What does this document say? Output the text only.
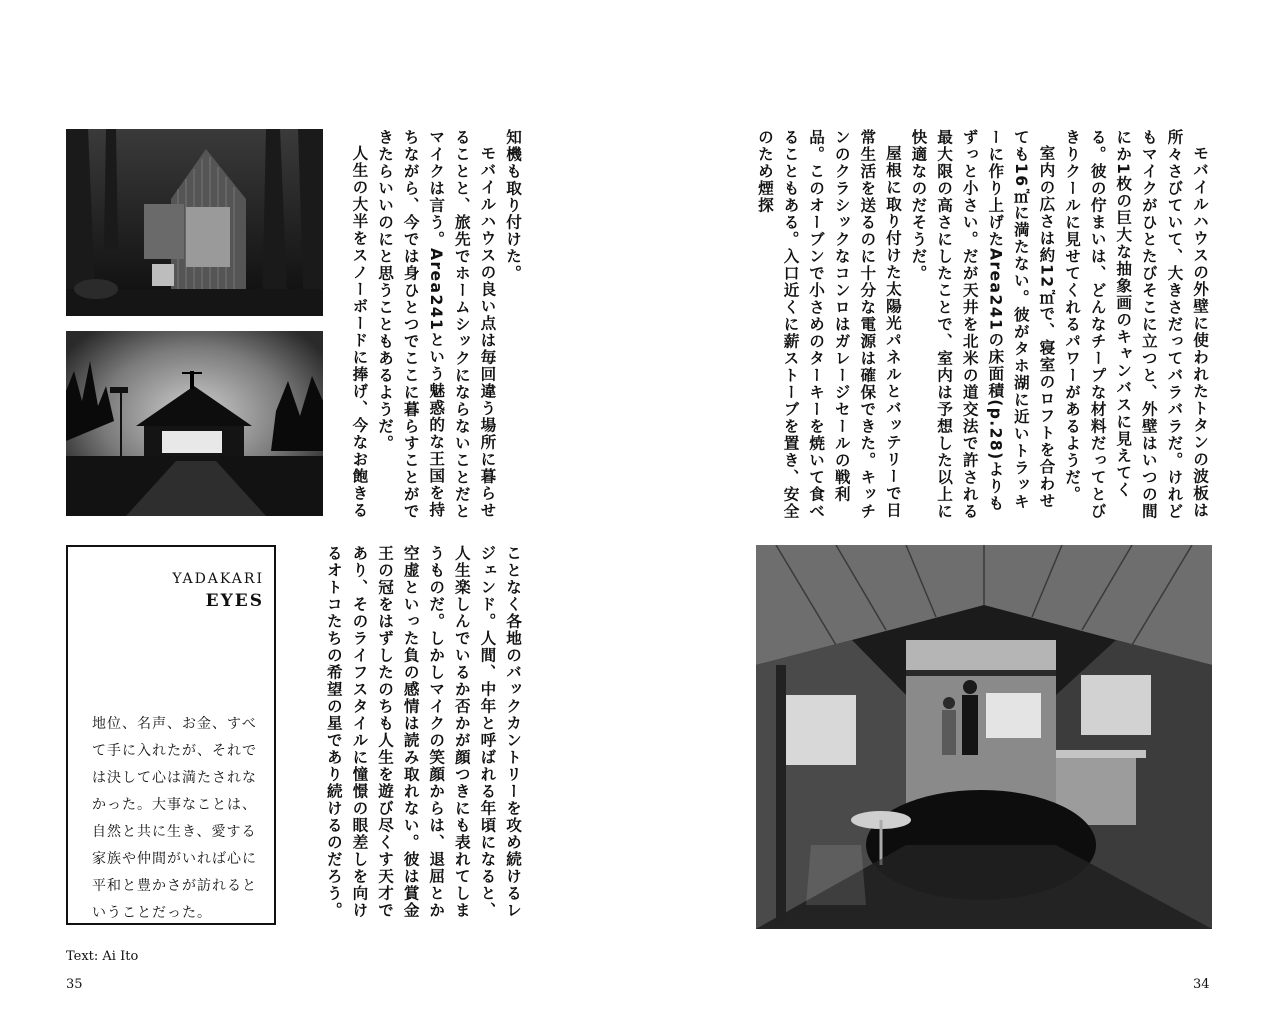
知機も取り付けた。

モバイルハウスの良い点は毎回違う場所に暮らせることと、旅先でホームシックにならないことだとマイクは言う。Area241という魅惑的な王国を持ちながら、今では身ひとつでここに暮らすことができたらいいのにと思うこともあるようだ。

人生の大半をスノーボードに捧げ、今なお飽きる

ことなく各地のバックカントリーを攻め続けるレジェンド。人間、中年と呼ばれる年頃になると、人生楽しんでいるか否かが顔つきにも表れてしまうものだ。しかしマイクの笑顔からは、退屈とか空虚といった負の感情は読み取れない。彼は賞金王の冠をはずしたのちも人生を遊び尽くす天才であり、そのライフスタイルに憧憬の眼差しを向けるオトコたちの希望の星であり続けるのだろう。

YADAKARI
EYES
地位、名声、お金、すべて手に入れたが、それでは決して心は満たされなかった。大事なことは、自然と共に生き、愛する家族や仲間がいれば心に平和と豊かさが訪れるということだった。
Text: Ai Ito
35

モバイルハウスの外壁に使われたトタンの波板は所々さびていて、大きさだってバラバラだ。けれどもマイクがひとたびそこに立つと、外壁はいつの間にか1枚の巨大な抽象画のキャンバスに見えてくる。彼の佇まいは、どんなチープな材料だってとびきりクールに見せてくれるパワーがあるようだ。

室内の広さは約12㎡で、寝室のロフトを合わせても16㎡に満たない。彼がタホ湖に近いトラッキーに作り上げたArea241の床面積(p.28)よりもずっと小さい。だが天井を北米の道交法で許される最大限の高さにしたことで、室内は予想した以上に快適なのだそうだ。

屋根に取り付けた太陽光パネルとバッテリーで日常生活を送るのに十分な電源は確保できた。キッチンのクラシックなコンロはガレージセールの戦利品。このオーブンで小さめのターキーを焼いて食べることもある。入口近くに薪ストーブを置き、安全のため煙探

34
